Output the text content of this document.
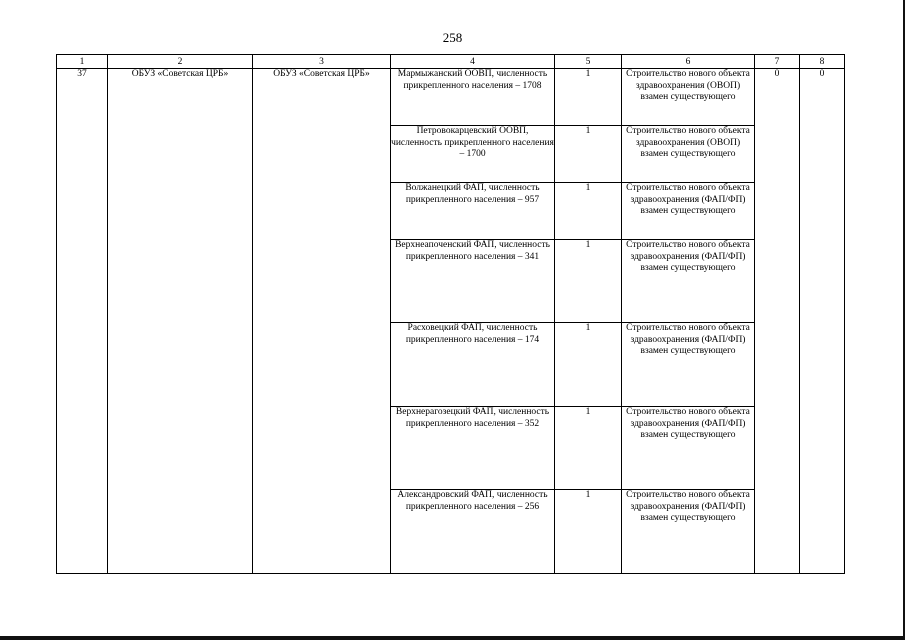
258
1	2	3	4	5	6	7	8
37	ОБУЗ «Советская ЦРБ»	ОБУЗ «Советская ЦРБ»	Мармыжанский ООВП, численность прикрепленного населения – 1708	1	Строительство нового объекта здравоохранения (ОВОП) взамен существующего	0	0
			Петровокарцевский ООВП, численность прикрепленного населения – 1700	1	Строительство нового объекта здравоохранения (ОВОП) взамен существующего		
			Волжанецкий ФАП, численность прикрепленного населения – 957	1	Строительство нового объекта здравоохранения (ФАП/ФП) взамен существующего		
			Верхнеапоченский ФАП, численность прикрепленного населения – 341	1	Строительство нового объекта здравоохранения (ФАП/ФП) взамен существующего		
			Расховецкий ФАП, численность прикрепленного населения – 174	1	Строительство нового объекта здравоохранения (ФАП/ФП) взамен существующего		
			Верхнерагозецкий ФАП, численность прикрепленного населения – 352	1	Строительство нового объекта здравоохранения (ФАП/ФП) взамен существующего		
			Александровский ФАП, численность прикрепленного населения – 256	1	Строительство нового объекта здравоохранения (ФАП/ФП) взамен существующего		
